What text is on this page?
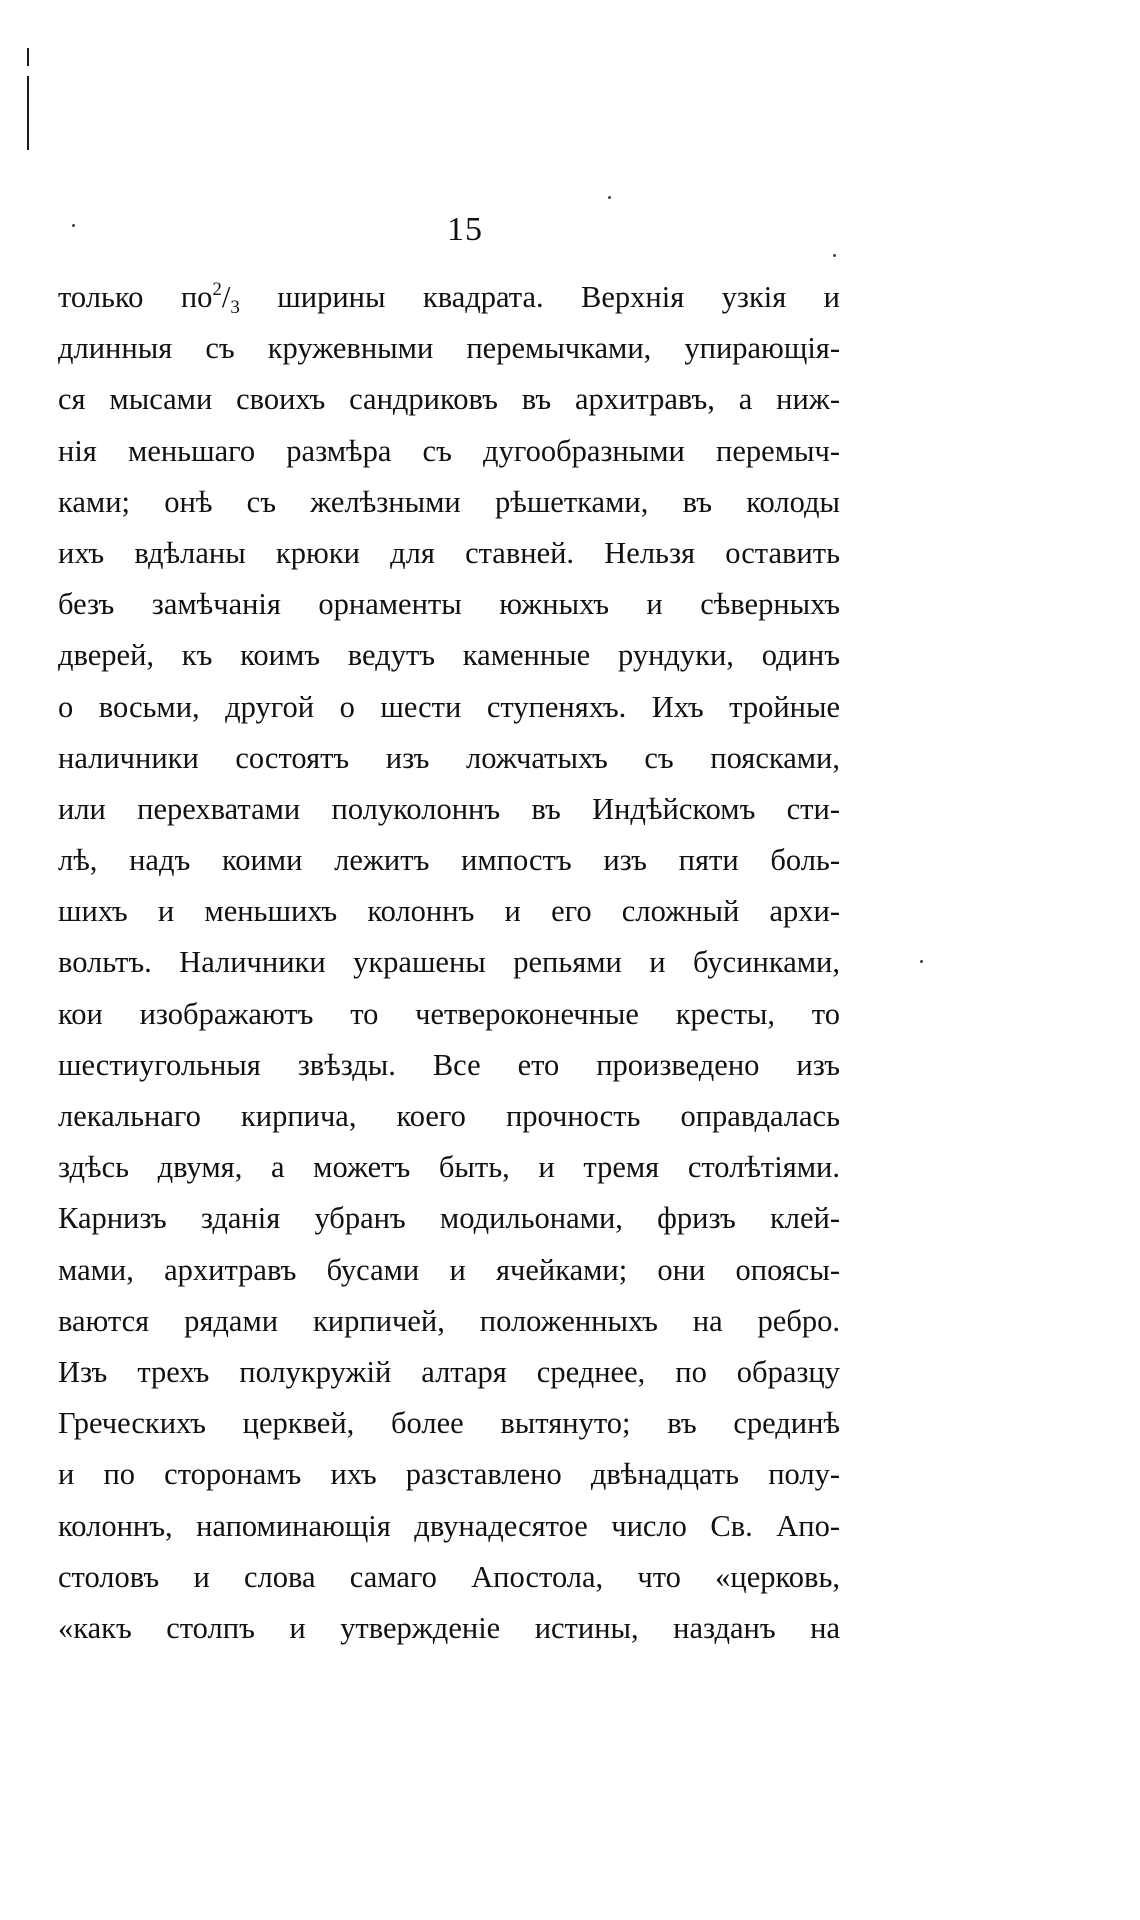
15
только $по^2/_3$ ширины квадрата. Верхнія узкія и
длинныя съ кружевными перемычками, упирающія-
ся мысами своихъ сандриковъ въ архитравъ, а ниж-
нія меньшаго размѣра съ дугообразными перемыч-
ками; онѣ съ желѣзными рѣшетками, въ колоды
ихъ вдѣланы крюки для ставней. Нельзя оставить
безъ замѣчанія орнаменты южныхъ и сѣверныхъ
дверей, къ коимъ ведутъ каменные рундуки, одинъ
о восьми, другой о шести ступеняхъ. Ихъ тройные
наличники состоятъ изъ ложчатыхъ съ поясками,
или перехватами полуколоннъ въ Индѣйскомъ сти-
лѣ, надъ коими лежитъ импостъ изъ пяти боль-
шихъ и меньшихъ колоннъ и его сложный архи-
вольтъ. Наличники украшены репьями и бусинками,
кои изображаютъ то четвероконечные кресты, то
шестиугольныя звѣзды. Все ето произведено изъ
лекальнаго кирпича, коего прочность оправдалась
здѣсь двумя, а можетъ быть, и тремя столѣтіями.
Карнизъ зданія убранъ модильонами, фризъ клей-
мами, архитравъ бусами и ячейками; они опоясы-
ваются рядами кирпичей, положенныхъ на ребро.
Изъ трехъ полукружій алтаря среднее, по образцу
Греческихъ церквей, более вытянуто; въ срединѣ
и по сторонамъ ихъ разставлено двѣнадцать полу-
колоннъ, напоминающія двунадесятое число Св. Апо-
столовъ и слова самаго Апостола, что «церковь,
«какъ столпъ и утвержденіе истины, назданъ на
